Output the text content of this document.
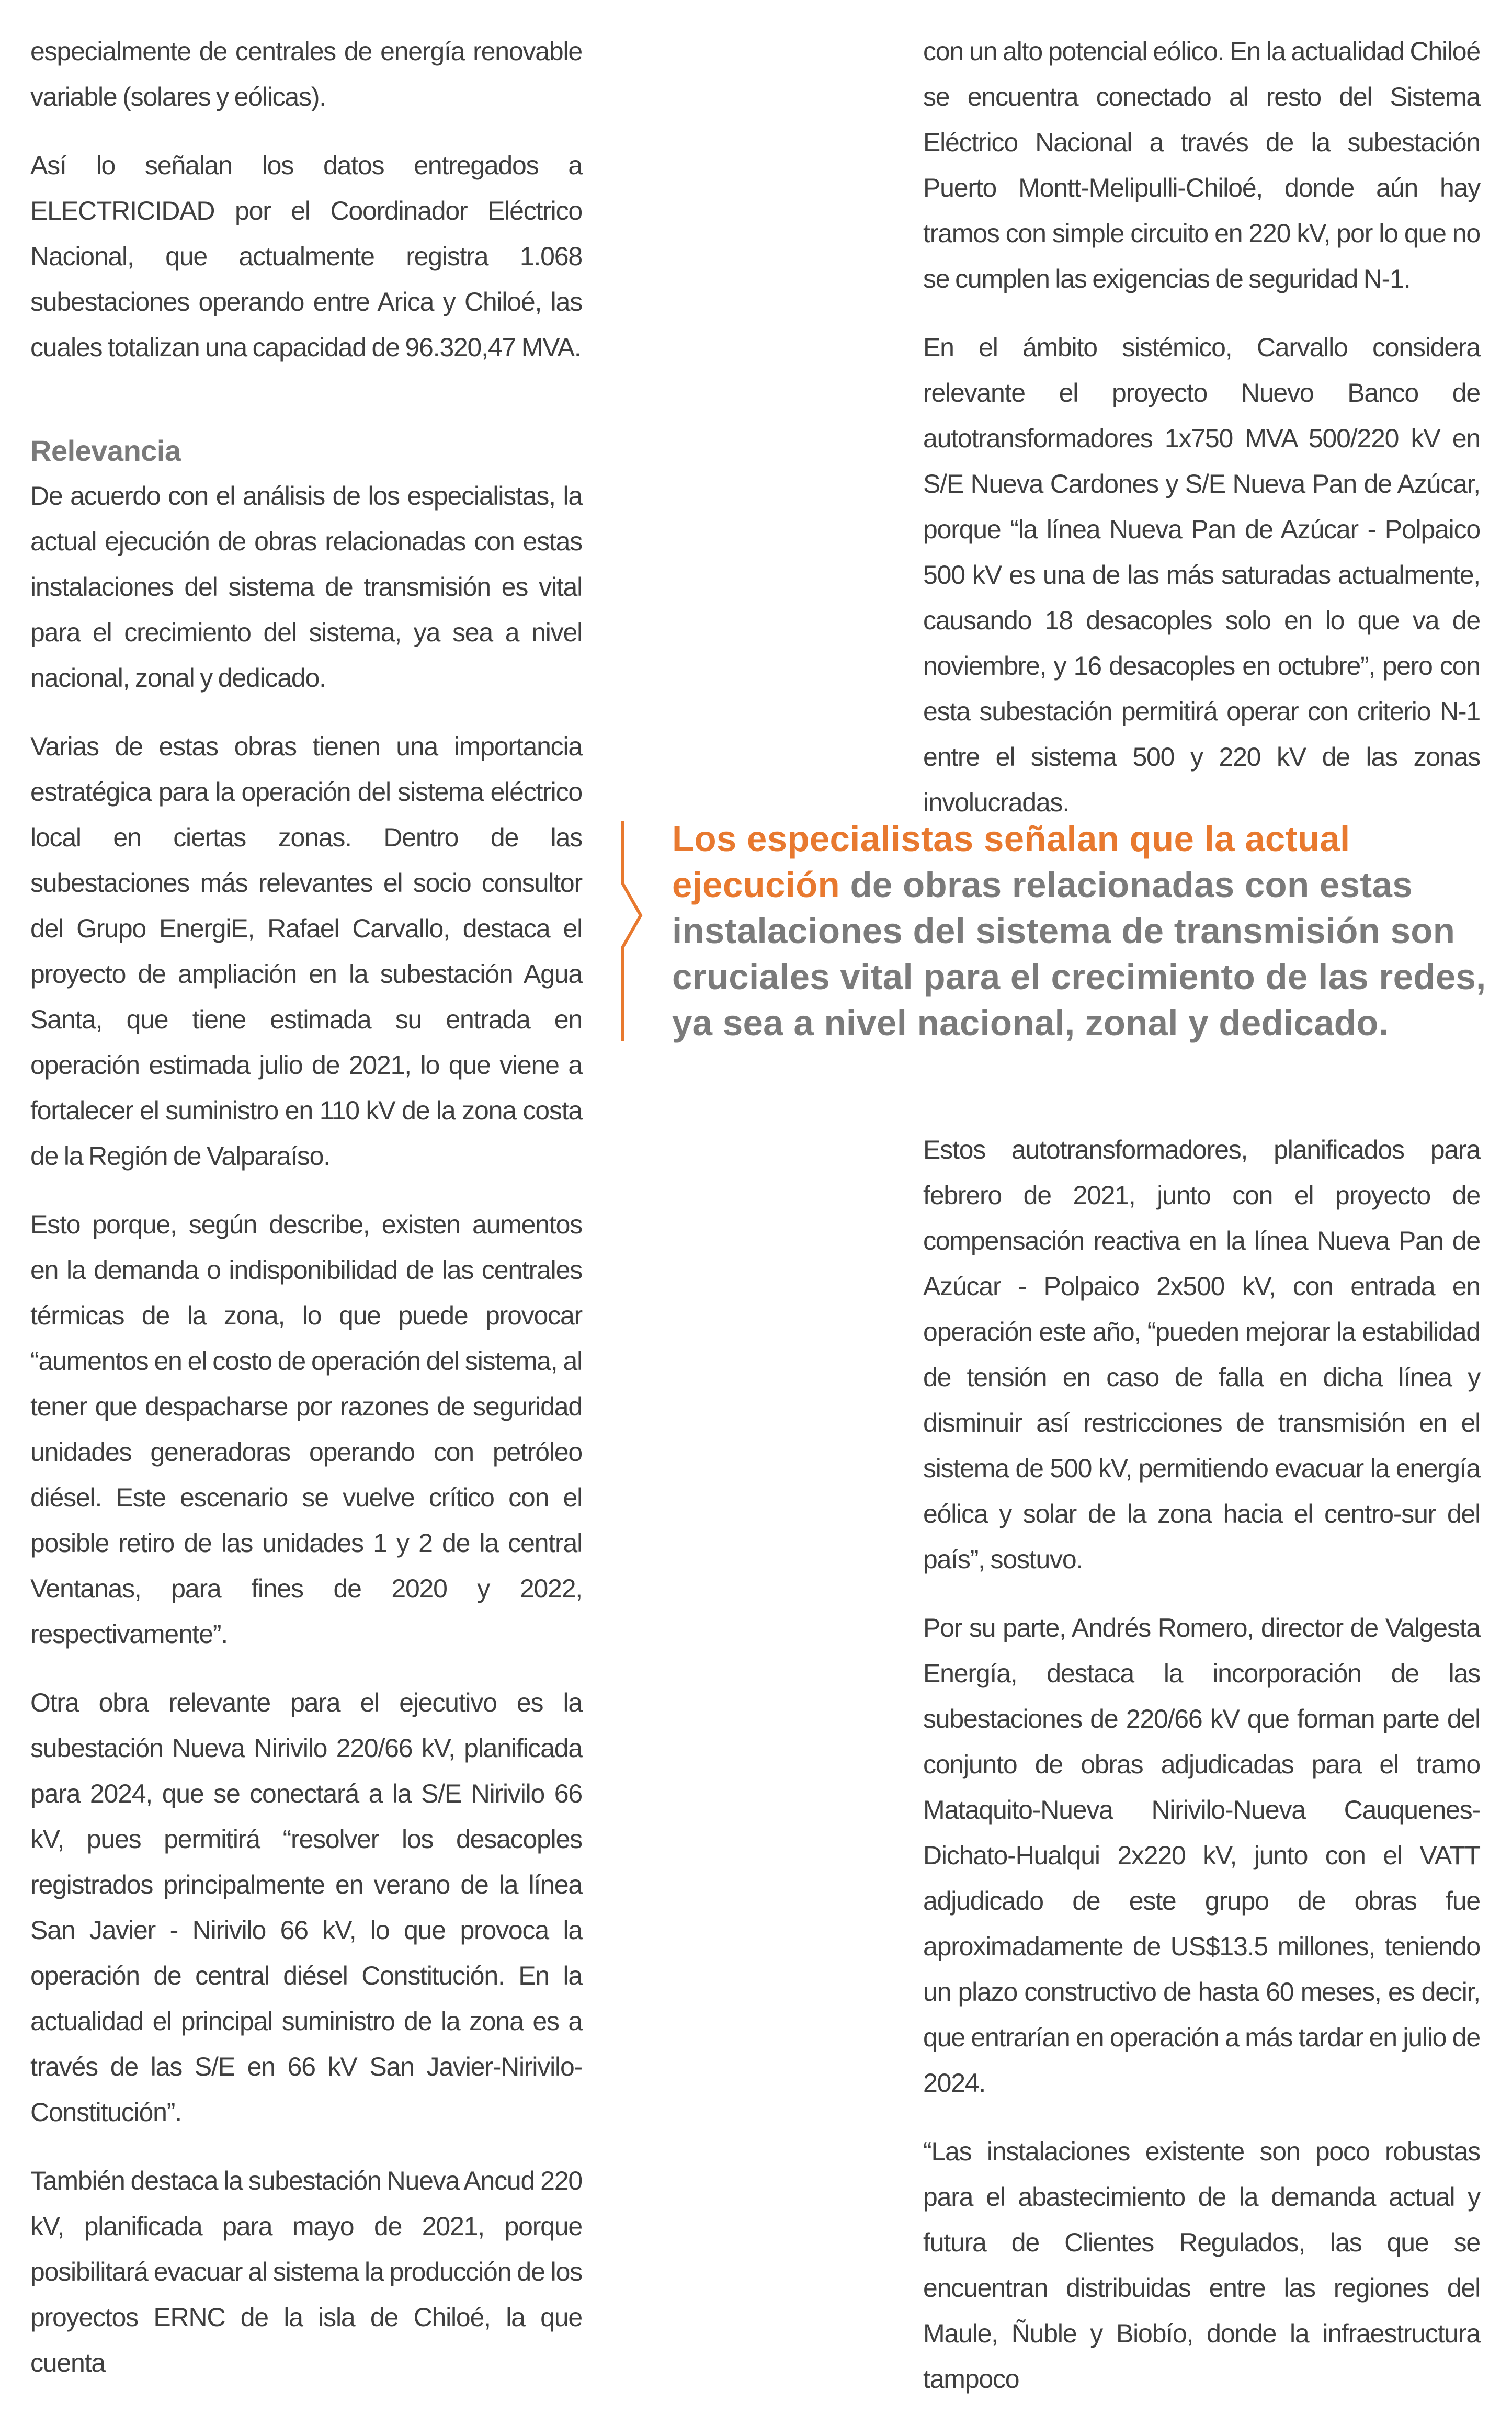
especialmente de centrales de energía renovable variable (solares y eólicas).

Así lo señalan los datos entregados a ELECTRICIDAD por el Coordinador Eléctrico Nacional, que actualmente registra 1.068 subestaciones operando entre Arica y Chiloé, las cuales totalizan una capacidad de 96.320,47 MVA.

Relevancia

De acuerdo con el análisis de los especialistas, la actual ejecución de obras relacionadas con estas instalaciones del sistema de transmisión es vital para el crecimiento del sistema, ya sea a nivel nacional, zonal y dedicado.

Varias de estas obras tienen una importancia estratégica para la operación del sistema eléctrico local en ciertas zonas. Dentro de las subestaciones más relevantes el socio consultor del Grupo EnergiE, Rafael Carvallo, destaca el proyecto de ampliación en la subestación Agua Santa, que tiene estimada su entrada en operación estimada julio de 2021, lo que viene a fortalecer el suministro en 110 kV de la zona costa de la Región de Valparaíso.

Esto porque, según describe, existen aumentos en la demanda o indisponibilidad de las centrales térmicas de la zona, lo que puede provocar “aumentos en el costo de operación del sistema, al tener que despacharse por razones de seguridad unidades generadoras operando con petróleo diésel. Este escenario se vuelve crítico con el posible retiro de las unidades 1 y 2 de la central Ventanas, para fines de 2020 y 2022, respectivamente”.

Otra obra relevante para el ejecutivo es la subestación Nueva Nirivilo 220/66 kV, planificada para 2024, que se conectará a la S/E Nirivilo 66 kV, pues permitirá “resolver los desacoples registrados principalmente en verano de la línea San Javier - Nirivilo 66 kV, lo que provoca la operación de central diésel Constitución. En la actualidad el principal suministro de la zona es a través de las S/E en 66 kV San Javier-Nirivilo-Constitución”.

También destaca la subestación Nueva Ancud 220 kV, planificada para mayo de 2021, porque posibilitará evacuar al sistema la producción de los proyectos ERNC de la isla de Chiloé, la que cuenta

con un alto potencial eólico. En la actualidad Chiloé se encuentra conectado al resto del Sistema Eléctrico Nacional a través de la subestación Puerto Montt-Melipulli-Chiloé, donde aún hay tramos con simple circuito en 220 kV, por lo que no se cumplen las exigencias de seguridad N-1.

En el ámbito sistémico, Carvallo considera relevante el proyecto Nuevo Banco de autotransformadores 1x750 MVA 500/220 kV en S/E Nueva Cardones y S/E Nueva Pan de Azúcar, porque “la línea Nueva Pan de Azúcar - Polpaico 500 kV es una de las más saturadas actualmente, causando 18 desacoples solo en lo que va de noviembre, y 16 desacoples en octubre”, pero con esta subestación permitirá operar con criterio N-1 entre el sistema 500 y 220 kV de las zonas involucradas.

Los especialistas señalan que la actual ejecución de obras relacionadas con estas instalaciones del sistema de transmisión son cruciales vital para el crecimiento de las redes, ya sea a nivel nacional, zonal y dedicado.

Estos autotransformadores, planificados para febrero de 2021, junto con el proyecto de compensación reactiva en la línea Nueva Pan de Azúcar - Polpaico 2x500 kV, con entrada en operación este año, “pueden mejorar la estabilidad de tensión en caso de falla en dicha línea y disminuir así restricciones de transmisión en el sistema de 500 kV, permitiendo evacuar la energía eólica y solar de la zona hacia el centro-sur del país”, sostuvo.

Por su parte, Andrés Romero, director de Valgesta Energía, destaca la incorporación de las subestaciones de 220/66 kV que forman parte del conjunto de obras adjudicadas para el tramo Mataquito-Nueva Nirivilo-Nueva Cauquenes-Dichato-Hualqui 2x220 kV, junto con el VATT adjudicado de este grupo de obras fue aproximadamente de US$13.5 millones, teniendo un plazo constructivo de hasta 60 meses, es decir, que entrarían en operación a más tardar en julio de 2024.

“Las instalaciones existente son poco robustas para el abastecimiento de la demanda actual y futura de Clientes Regulados, las que se encuentran distribuidas entre las regiones del Maule, Ñuble y Biobío, donde la infraestructura tampoco
